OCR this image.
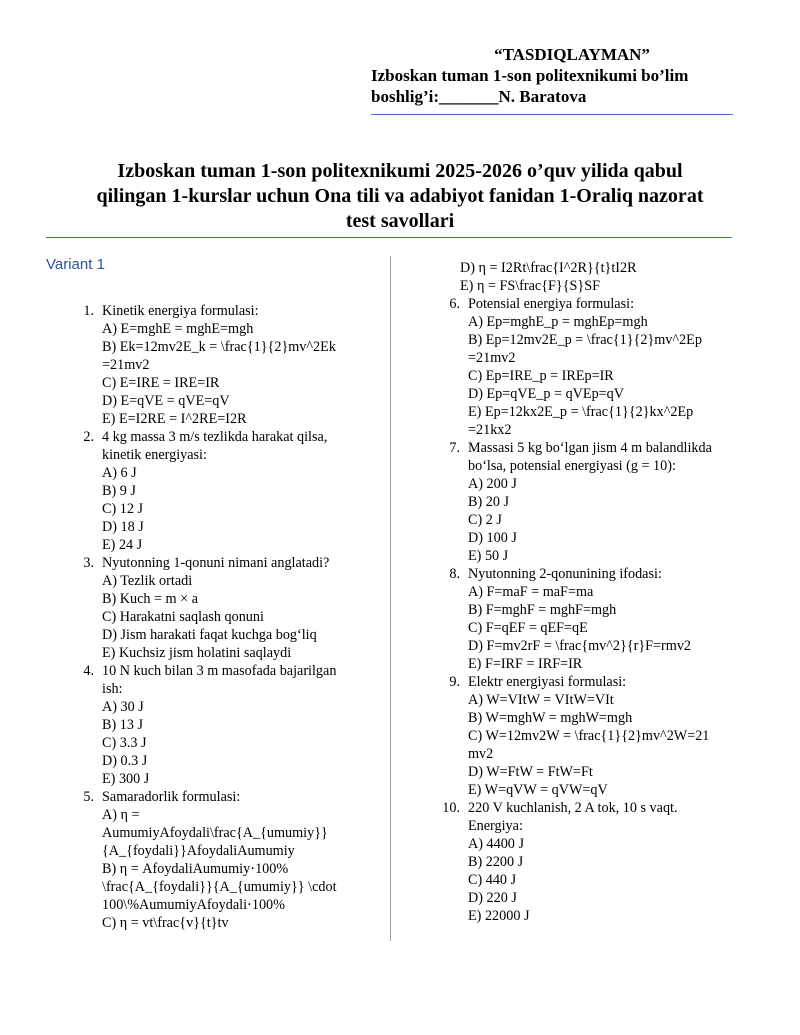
“TASDIQLAYMAN”
Izboskan tuman 1-son politexnikumi bo’lim
boshlig’i:_______N. Baratova
Izboskan tuman 1-son politexnikumi 2025-2026 o’quv yilida qabul
qilingan 1-kurslar uchun Ona tili va adabiyot fanidan 1-Oraliq nazorat
test savollari
Variant 1
1. Kinetik energiya formulasi:
A) E=mghE = mghE=mgh
B) Ek=12mv2E_k = \frac{1}{2}mv^2Ek
=21mv2
C) E=IRE = IRE=IR
D) E=qVE = qVE=qV
E) E=I2RE = I^2RE=I2R
2. 4 kg massa 3 m/s tezlikda harakat qilsa,
kinetik energiyasi:
A) 6 J
B) 9 J
C) 12 J
D) 18 J
E) 24 J
3. Nyutonning 1-qonuni nimani anglatadi?
A) Tezlik ortadi
B) Kuch = m × a
C) Harakatni saqlash qonuni
D) Jism harakati faqat kuchga bog‘liq
E) Kuchsiz jism holatini saqlaydi
4. 10 N kuch bilan 3 m masofada bajarilgan
ish:
A) 30 J
B) 13 J
C) 3.3 J
D) 0.3 J
E) 300 J
5. Samaradorlik formulasi:
A) η =
AumumiyAfoydali\frac{A_{umumiy}}
{A_{foydali}}AfoydaliAumumiy
B) η = AfoydaliAumumiy⋅100%
\frac{A_{foydali}}{A_{umumiy}} \cdot
100\%AumumiyAfoydali⋅100%
C) η = vt\frac{v}{t}tv
D) η = I2Rt\frac{I^2R}{t}tI2R
E) η = FS\frac{F}{S}SF
6. Potensial energiya formulasi:
A) Ep=mghE_p = mghEp=mgh
B) Ep=12mv2E_p = \frac{1}{2}mv^2Ep
=21mv2
C) Ep=IRE_p = IREp=IR
D) Ep=qVE_p = qVEp=qV
E) Ep=12kx2E_p = \frac{1}{2}kx^2Ep
=21kx2
7. Massasi 5 kg bo‘lgan jism 4 m balandlikda
bo‘lsa, potensial energiyasi (g = 10):
A) 200 J
B) 20 J
C) 2 J
D) 100 J
E) 50 J
8. Nyutonning 2-qonunining ifodasi:
A) F=maF = maF=ma
B) F=mghF = mghF=mgh
C) F=qEF = qEF=qE
D) F=mv2rF = \frac{mv^2}{r}F=rmv2
E) F=IRF = IRF=IR
9. Elektr energiyasi formulasi:
A) W=VItW = VItW=VIt
B) W=mghW = mghW=mgh
C) W=12mv2W = \frac{1}{2}mv^2W=21
mv2
D) W=FtW = FtW=Ft
E) W=qVW = qVW=qV
10. 220 V kuchlanish, 2 A tok, 10 s vaqt.
Energiya:
A) 4400 J
B) 2200 J
C) 440 J
D) 220 J
E) 22000 J
